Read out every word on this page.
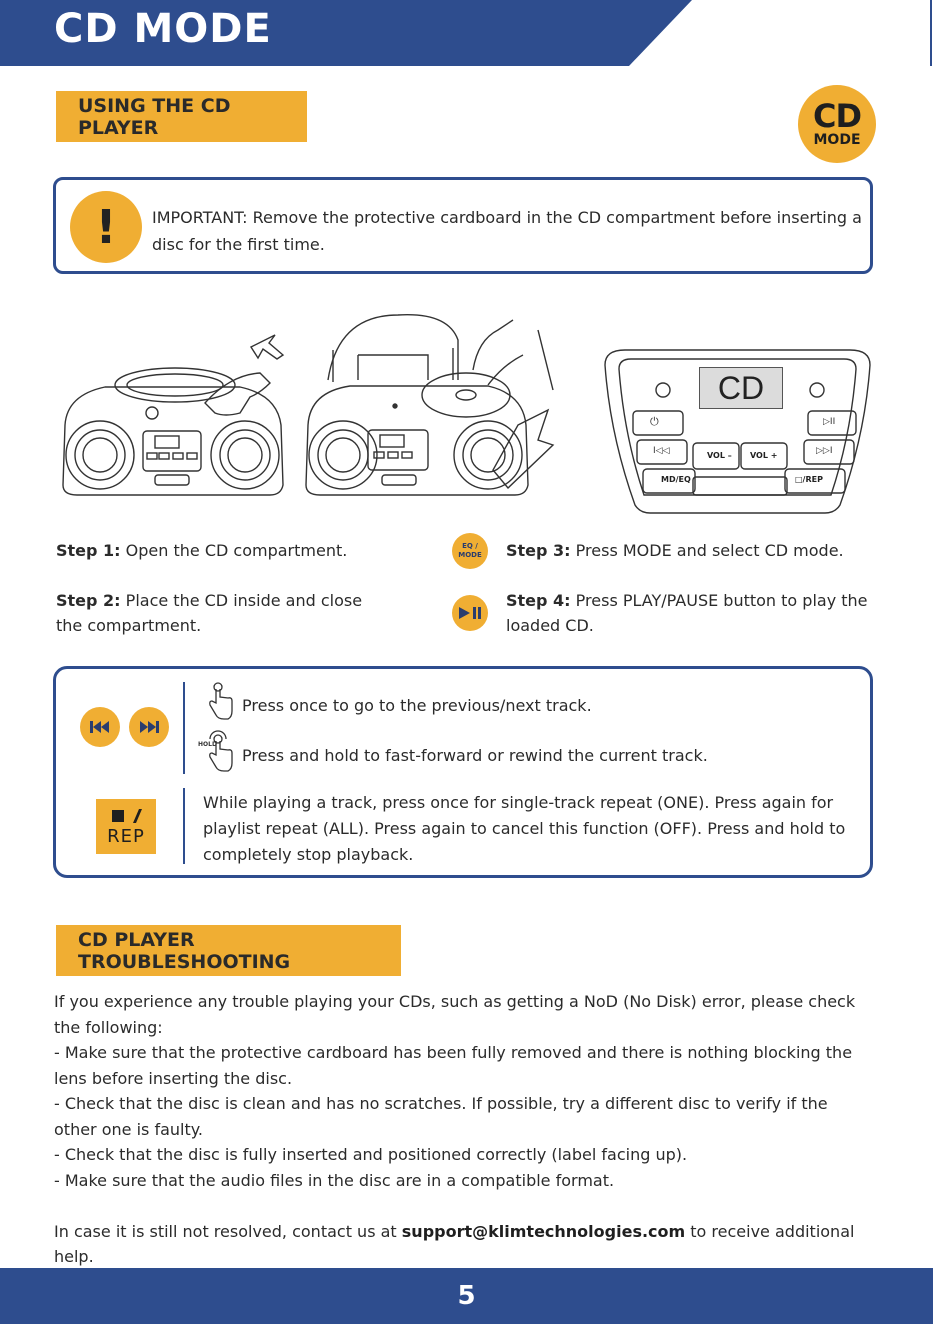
CD MODE
USING THE CD PLAYER	CD
MODE
! IMPORTANT: Remove the protective cardboard in the CD compartment before inserting a disc for the first time.
CD
⏻	▷II
I◁◁	▷▷I
VOL – VOL +
MD/EQ	□/REP
Step 1: Open the CD compartment.
Step 2: Place the CD inside and close the compartment.
EQ /
MODE Step 3: Press MODE and select CD mode.
Step 4: Press PLAY/PAUSE button to play the loaded CD.
Press once to go to the previous/next track.
HOLD
Press and hold to fast-forward or rewind the current track.
REP
While playing a track, press once for single-track repeat (ONE). Press again for playlist repeat (ALL). Press again to cancel this function (OFF). Press and hold to completely stop playback.
CD PLAYER TROUBLESHOOTING

If you experience any trouble playing your CDs, such as getting a NoD (No Disk) error, please check the following:

- Make sure that the protective cardboard has been fully removed and there is nothing blocking the lens before inserting the disc.

- Check that the disc is clean and has no scratches. If possible, try a different disc to verify if the other one is faulty.

- Check that the disc is fully inserted and positioned correctly (label facing up).

- Make sure that the audio files in the disc are in a compatible format.

In case it is still not resolved, contact us at support@klimtechnologies.com to receive additional help.

5
